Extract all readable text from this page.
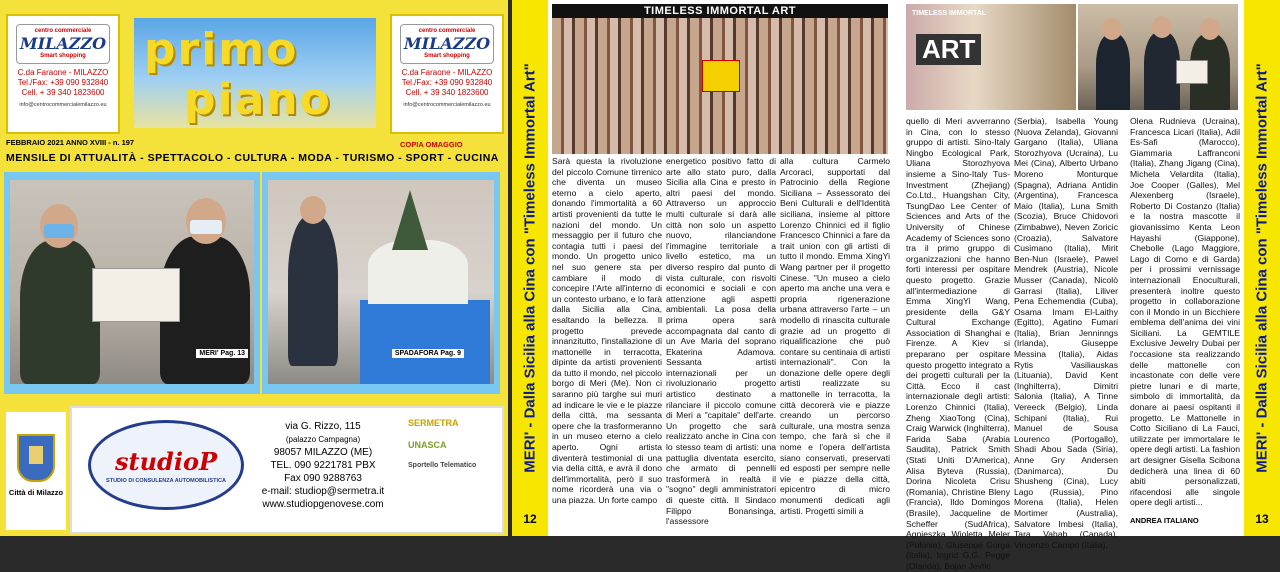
centro commerciale
MILAZZO
Smart shopping
C.da Faraone - MILAZZO
Tel./Fax: +39 090 932840
Cell. + 39 340 1823600
info@centrocommercialemilazzo.eu
primo
piano
centro commerciale
MILAZZO
Smart shopping
C.da Faraone - MILAZZO
Tel./Fax: +39 090 932840
Cell. + 39 340 1823600
info@centrocommercialemilazzo.eu
FEBBRAIO 2021 ANNO XVIII - n. 197	COPIA OMAGGIO
MENSILE DI ATTUALITÀ - SPETTACOLO - CULTURA - MODA - TURISMO - SPORT - CUCINA
MERI' Pag. 13	SPADAFORA Pag. 9
Città di Milazzo
studioP
STUDIO DI CONSULENZA AUTOMOBILISTICA
via G. Rizzo, 115
(palazzo Campagna)
98057 MILAZZO (ME)
TEL. 090 9221781 PBX
Fax 090 9288763
e-mail: studiop@sermetra.it
www.studiopgenovese.com
SERMETRA
UNASCA
Sportello Telematico	MERI' - Dalla Sicilia alla Cina con "Timeless Immortal Art"
12
TIMELESS IMMORTAL ART	TIMELESS IMMORTAL
ART

Sarà questa la rivoluzione del piccolo Comune tirrenico che diventa un museo eterno a cielo aperto, donando l'immortalità a 60 artisti provenienti da tutte le nazioni del mondo. Un messaggio per il futuro che contagia tutti i paesi del mondo. Un progetto unico nel suo genere sta per cambiare il modo di concepire l'Arte all'interno di un contesto urbano, e lo farà dalla Sicilia alla Cina, esaltando la bellezza. Il progetto prevede innanzitutto, l'installazione di mattonelle in terracotta, dipinte da artisti provenienti da tutto il mondo, nel piccolo borgo di Meri (Me). Non ci saranno più targhe sui muri ad indicare le vie e le piazze della città, ma sessanta opere che la trasformeranno in un museo eterno a cielo aperto. Ogni artista diventerà testimonial di una via della città, e avrà il dono dell'immortalità, però il suo nome ricorderà una via o una piazza. Un forte campo

energetico positivo fatto di arte allo stato puro, dalla Sicilia alla Cina e presto in altri paesi del mondo. Attraverso un approccio multi culturale si darà alle città non solo un aspetto nuovo, rilanciandone l'immagine territoriale a livello estetico, ma un diverso respiro dal punto di vista culturale, con risvolti economici e sociali e con attenzione agli aspetti ambientali. La posa della prima opera sarà accompagnata dal canto di un Ave Maria del soprano Ekaterina Adamova. Sessanta artisti internazionali per un rivoluzionario progetto artistico destinato a rilanciare il piccolo comune di Meri a "capitale" dell'arte. Un progetto che sarà realizzato anche in Cina con lo stesso team di artisti: una pattuglia diventata esercito, che armato di pennelli trasformerà in realtà il "sogno" degli amministratori di queste città. Il Sindaco Filippo Bonansinga, l'assessore

alla cultura Carmelo Arcoraci, supportati dal Patrocinio della Regione Siciliana – Assessorato dei Beni Culturali e dell'Identità siciliana, insieme al pittore Lorenzo Chinnici ed il figlio Francesco Chinnici a fare da trait union con gli artisti di tutto il mondo. Emma XingYi Wang partner per il progetto Cinese. "Un museo a cielo aperto ma anche una vera e propria rigenerazione urbana attraverso l'arte – un modello di rinascita culturale grazie ad un progetto di riqualificazione che può contare su centinaia di artisti internazionali". Con la donazione delle opere degli artisti realizzate su mattonelle in terracotta, la città decorerà vie e piazze creando un percorso culturale, una mostra senza tempo, che farà sì che il nome e l'opera dell'artista siano conservati, preservati ed esposti per sempre nelle vie e piazze della città, epicentro di micro monumenti dedicati agli artisti. Progetti simili a

quello di Meri avverranno in Cina, con lo stesso gruppo di artisti. Sino-Italy Ningbo Ecological Park, Uliana Storozhyova insieme a Sino-Italy Tus-Investment (Zhejiang) Co.Ltd., Huangshan City, TsungDao Lee Center of Sciences and Arts of the University of Chinese Academy of Sciences sono tra il primo gruppo di organizzazioni che hanno forti interessi per ospitare questo progetto. Grazie all'intermediazione di Emma XingYi Wang, presidente della G&Y Cultural Exchange Association di Shanghai e Firenze. A Kiev si preparano per ospitare questo progetto integrato a dei progetti culturali per la Città. Ecco il cast internazionale degli artisti: Lorenzo Chinnici (Italia), Zheng XiaoTong (Cina), Craig Warwick (Inghilterra), Farida Saba (Arabia Saudita), Patrick Smith (Stati Uniti D'America), Alisa Byteva (Russia), Dorina Nicoleta Crisu (Romania), Christine Bleny (Francia), Ildo Domingos (Brasile), Jacqueline de Scheffer (SudAfrica), Agnieszka Wioletta Meler (Polonia), Giuseppe Gorga (Italia), Ingrid G.G. Pegge (Olanda), Bojan Jevtic

(Serbia), Isabella Young (Nuova Zelanda), Giovanni Gargano (Italia), Uliana Storozhyova (Ucraina), Lu Mei (Cina), Alberto Urbano Moreno Monturque (Spagna), Adriana Antidin (Argentina), Francesca Maio (Italia), Luna Smith (Scozia), Bruce Chidovori (Zimbabwe), Neven Zoricic (Croazia), Salvatore Cusimano (Italia), Mirit Ben-Nun (Israele), Pawel Mendrek (Austria), Nicole Musser (Canada), Nicolò Garrasi (Italia), Liliver Pena Echemendia (Cuba), Osama Imam El-Laithy (Egitto), Agatino Fumari (Italia), Brian Jenninngs (Irlanda), Giuseppe Messina (Italia), Aidas Rytis Vasiliauskas (Lituania), David Kent (Inghilterra), Dimitri Salonia (Italia), A Tinne Vereeck (Belgio), Linda Schipani (Italia), Rui Manuel de Sousa Lourenco (Portogallo), Shadi Abou Sada (Siria), Anne Gry Andersen (Danimarca), Du Shusheng (Cina), Lucy Lago (Russia), Pino Morena (Italia), Helen Mortimer (Australia), Salvatore Imbesi (Italia), Tara Vahab (Canada), Vincenzo Campo (Italia),

Olena Rudnieva (Ucraina), Francesca Licari (Italia), Adil Es-Safi (Marocco), Giammaria Laffranconi (Italia), Zhang Jigang (Cina), Michela Velardita (Italia), Joe Cooper (Galles), Mel Alexenberg (Israele), Roberto Di Costanzo (Italia) e la nostra mascotte il giovanissimo Kenta Leon Hayashi (Giappone), Chebolle (Lago Maggiore, Lago di Como e di Garda) per i prossimi vernissage internazionali Enoculturali, presenterà inoltre questo progetto in collaborazione con il Mondo in un Bicchiere emblema dell'anima dei vini Siciliani. La GEMTILE Exclusive Jewelry Dubai per l'occasione sta realizzando delle mattonelle con incastonate con delle vere pietre lunari e di marte, simbolo di immortalità, da donare ai paesi ospitanti il progetto. Le Mattonelle in Cotto Siciliano di La Fauci, utilizzate per immortalare le opere degli artisti. La fashion art designer Gisella Scibona dedicherà una linea di 60 abiti personalizzati, rifacendosi alle singole opere degli artisti...

ANDREA ITALIANO
MERI' - Dalla Sicilia alla Cina con "Timeless Immortal Art"
13
